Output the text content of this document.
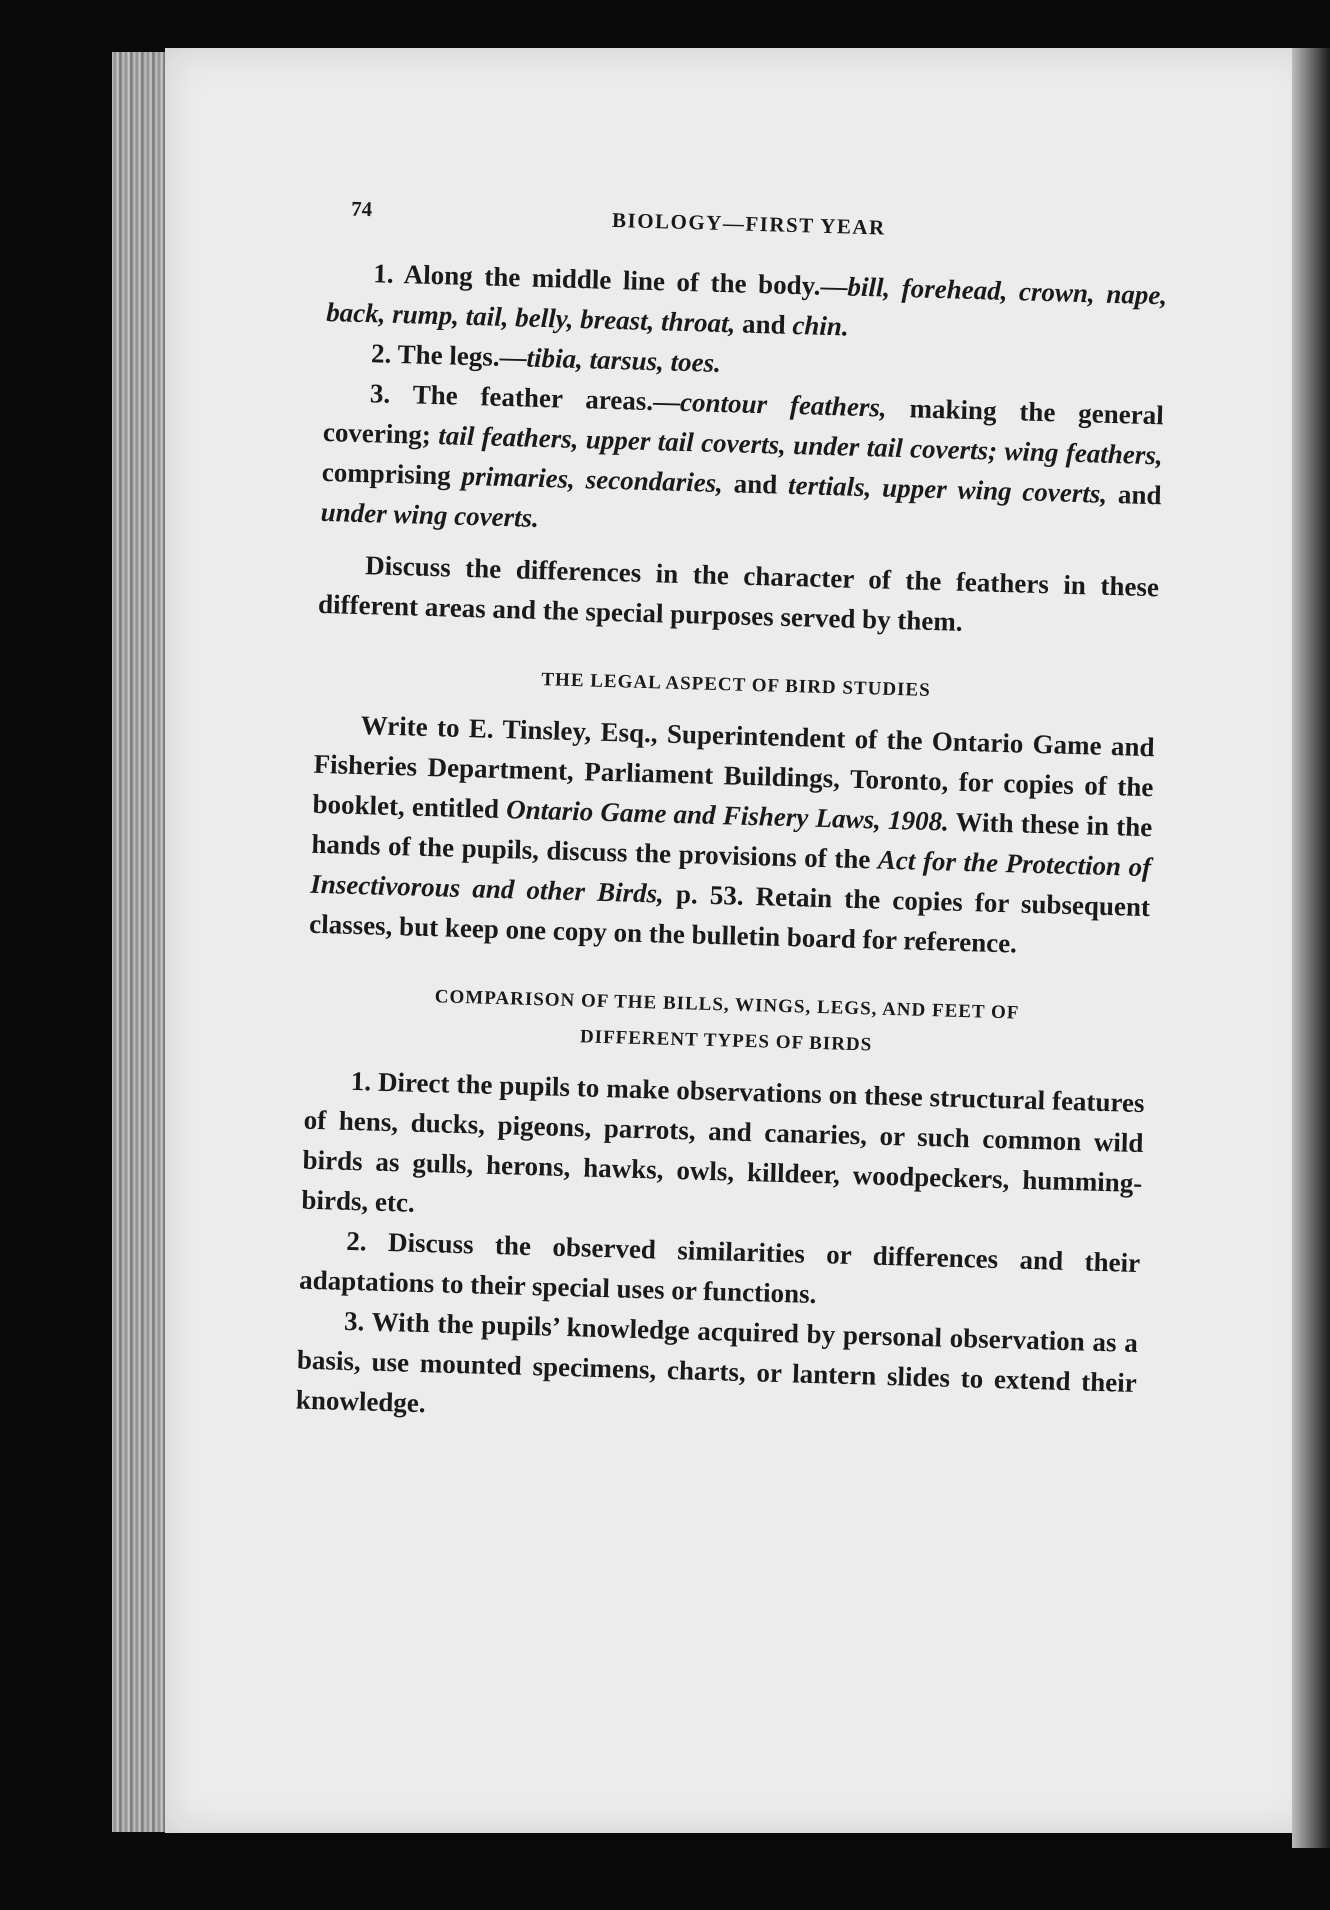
74	BIOLOGY—FIRST YEAR

1. Along the middle line of the body.—bill, forehead, crown, nape, back, rump, tail, belly, breast, throat, and chin.

2. The legs.—tibia, tarsus, toes.

3. The feather areas.—contour feathers, making the general covering; tail feathers, upper tail coverts, under tail coverts; wing feathers, comprising primaries, secondaries, and tertials, upper wing coverts, and under wing coverts.

Discuss the differences in the character of the feathers in these different areas and the special purposes served by them.

THE LEGAL ASPECT OF BIRD STUDIES

Write to E. Tinsley, Esq., Superintendent of the Ontario Game and Fisheries Department, Parliament Buildings, Toronto, for copies of the booklet, entitled Ontario Game and Fishery Laws, 1908. With these in the hands of the pupils, discuss the provisions of the Act for the Protection of Insectivorous and other Birds, p. 53. Retain the copies for subsequent classes, but keep one copy on the bulletin board for reference.

COMPARISON OF THE BILLS, WINGS, LEGS, AND FEET OF
DIFFERENT TYPES OF BIRDS

1. Direct the pupils to make observations on these structural features of hens, ducks, pigeons, parrots, and canaries, or such common wild birds as gulls, herons, hawks, owls, killdeer, woodpeckers, humming-birds, etc.

2. Discuss the observed similarities or differences and their adaptations to their special uses or functions.

3. With the pupils’ knowledge acquired by personal observation as a basis, use mounted specimens, charts, or lantern slides to extend their knowledge.
